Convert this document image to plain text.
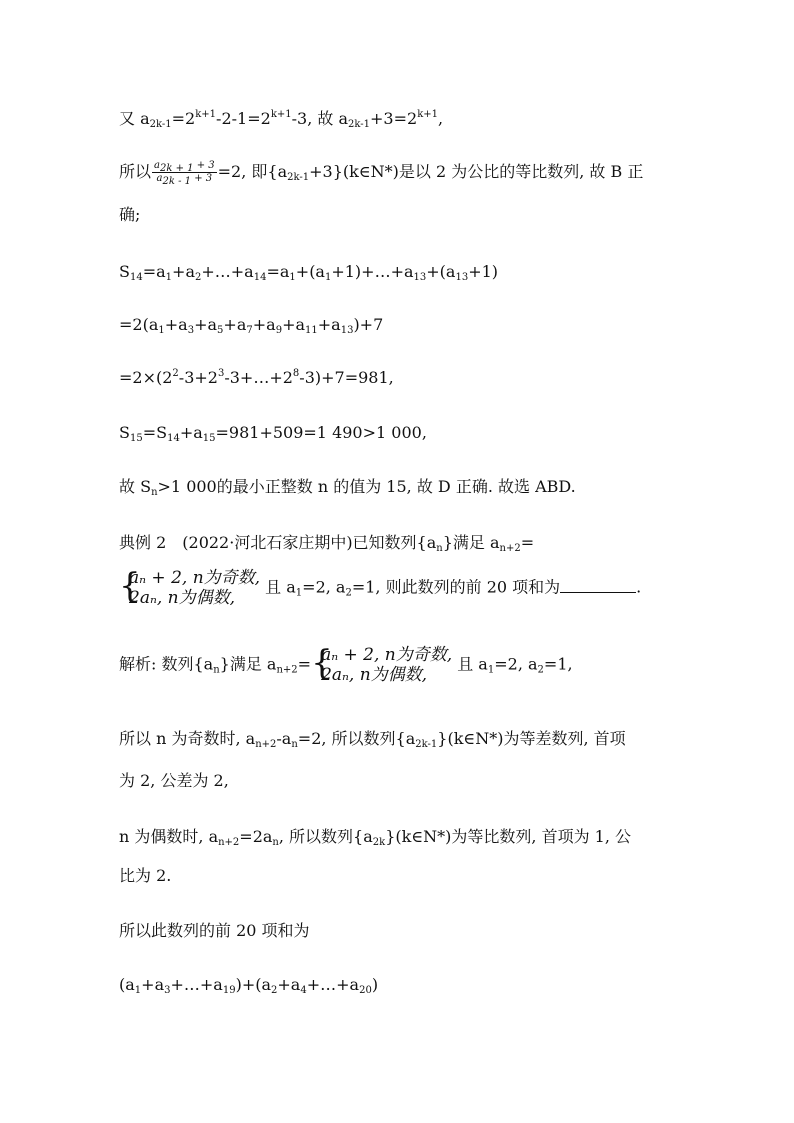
又 $a_{2k-1}=2^{k+1}-2-1=2^{k+1}-3$, 故 $a_{2k-1}+3=2^{k+1}$,
所以 $\frac{a_{2k + 1} + 3}{a_{2k - 1} + 3} =2$, 即$\{a_{2k-1}+3\}(k\in N*)$是以 2 为公比的等比数列, 故 B 正
确;
$S_{14}=a_1+a_2+\dots+a_{14}=a_1+(a_1+1)+\dots+a_{13}+(a_{13}+1)$
$=2(a_1+a_3+a_5+a_7+a_9+a_{11}+a_{13})+7$
$=2\times(2^2-3+2^3-3+\dots+2^8-3)+7=981$,
$S_{15}=S_{14}+a_{15}=981+509=1$ 490>1 000,
故 $S_n>1$ 000的最小正整数 n 的值为 15, 故 D 正确. 故选 ABD.
典例 2　(2022·河北石家庄期中)已知数列$\{a_n\}$满足 $a_{n+2}=$
{
aₙ + 2, n为奇数,
2aₙ, n为偶数,
且 $a_1=2$, $a_2=1$, 则此数列的前 20 项和为	.
解析: 数列$\{a_n\}$满足 $a_{n+2}=$ {
aₙ + 2, n为奇数,
2aₙ, n为偶数,
且 $a_1=2$, $a_2=1$,
所以 n 为奇数时, $a_{n+2}-a_n=2$, 所以数列$\{a_{2k-1}\}(k\in N*)$为等差数列, 首项
为 2, 公差为 2,
n 为偶数时, $a_{n+2}=2a_n$, 所以数列$\{a_{2k}\}(k\in N*)$为等比数列, 首项为 1, 公
比为 2.
所以此数列的前 20 项和为
$(a_1+a_3+\dots+a_{19})+(a_2+a_4+\dots+a_{20})$
